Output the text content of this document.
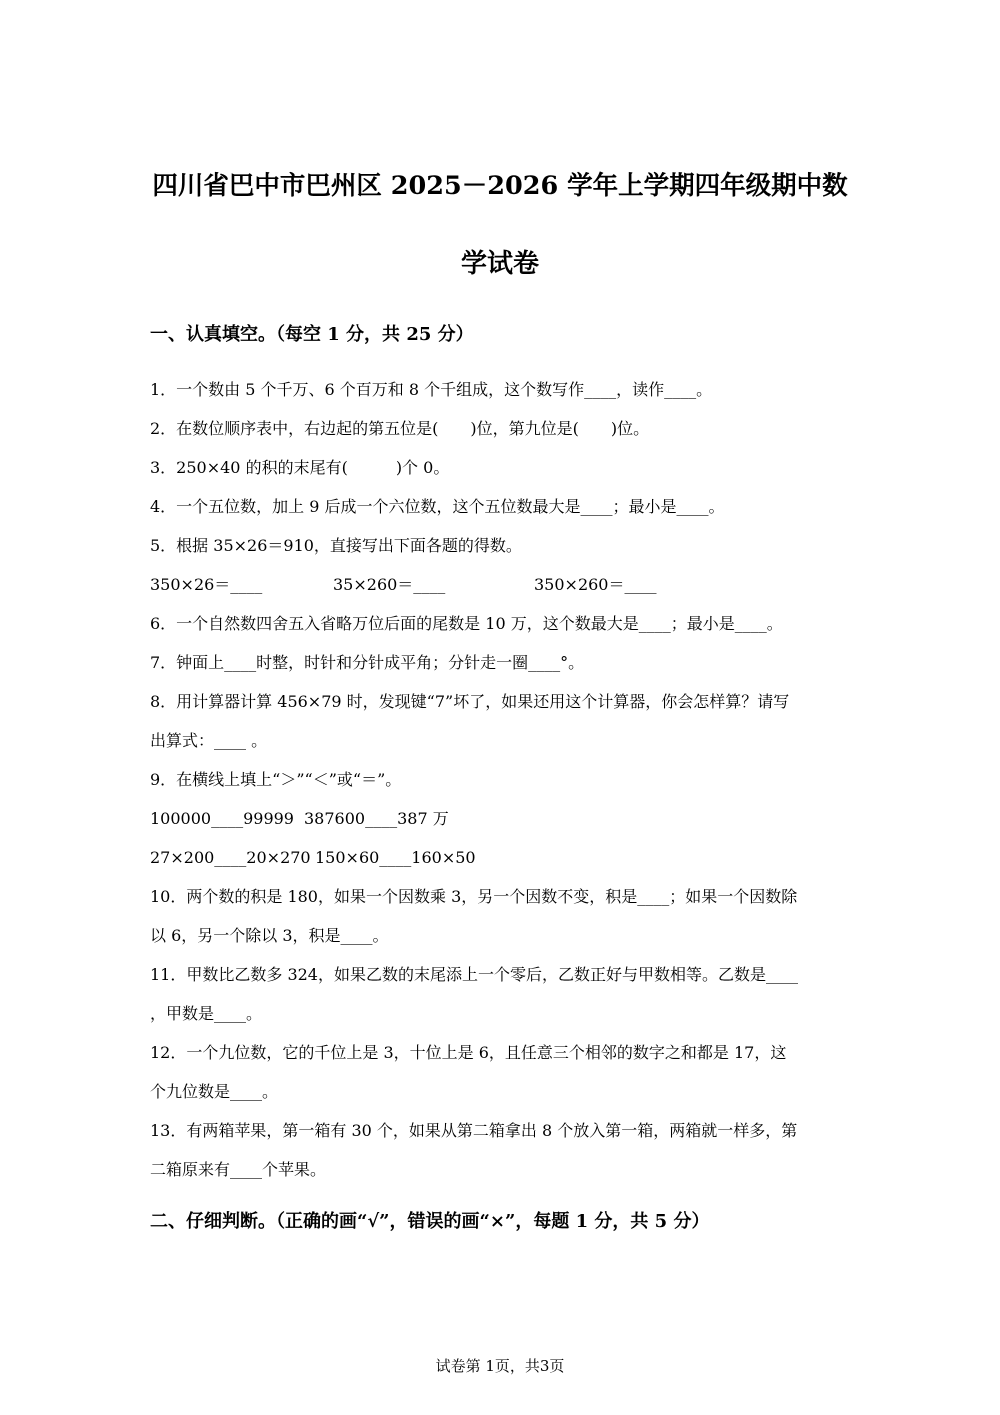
四川省巴中市巴州区 2025－2026 学年上学期四年级期中数
学试卷
一、认真填空。（每空 1 分，共 25 分）
1．一个数由 5 个千万、6 个百万和 8 个千组成，这个数写作____，读作____。
2．在数位顺序表中，右边起的第五位是(　　)位，第九位是(　　)位。
3．250×40 的积的末尾有(　　　)个 0。
4．一个五位数，加上 9 后成一个六位数，这个五位数最大是____；最小是____。
5．根据 35×26＝910，直接写出下面各题的得数。
350×26＝____	35×260＝____	350×260＝____
6．一个自然数四舍五入省略万位后面的尾数是 10 万，这个数最大是____；最小是____。
7．钟面上____时整，时针和分针成平角；分针走一圈____°。
8．用计算器计算 456×79 时，发现键“7”坏了，如果还用这个计算器，你会怎样算？请写
出算式：____ 。
9．在横线上填上“＞”“＜”或“＝”。
100000____99999 387600____387 万
27×200____20×270 150×60____160×50
10．两个数的积是 180，如果一个因数乘 3，另一个因数不变，积是____；如果一个因数除
以 6，另一个除以 3，积是____。
11．甲数比乙数多 324，如果乙数的末尾添上一个零后，乙数正好与甲数相等。乙数是____
，甲数是____。
12．一个九位数，它的千位上是 3，十位上是 6，且任意三个相邻的数字之和都是 17，这
个九位数是____。
13．有两箱苹果，第一箱有 30 个，如果从第二箱拿出 8 个放入第一箱，两箱就一样多，第
二箱原来有____个苹果。
二、仔细判断。（正确的画“√”，错误的画“×”，每题 1 分，共 5 分）
试卷第 1页，共3页
